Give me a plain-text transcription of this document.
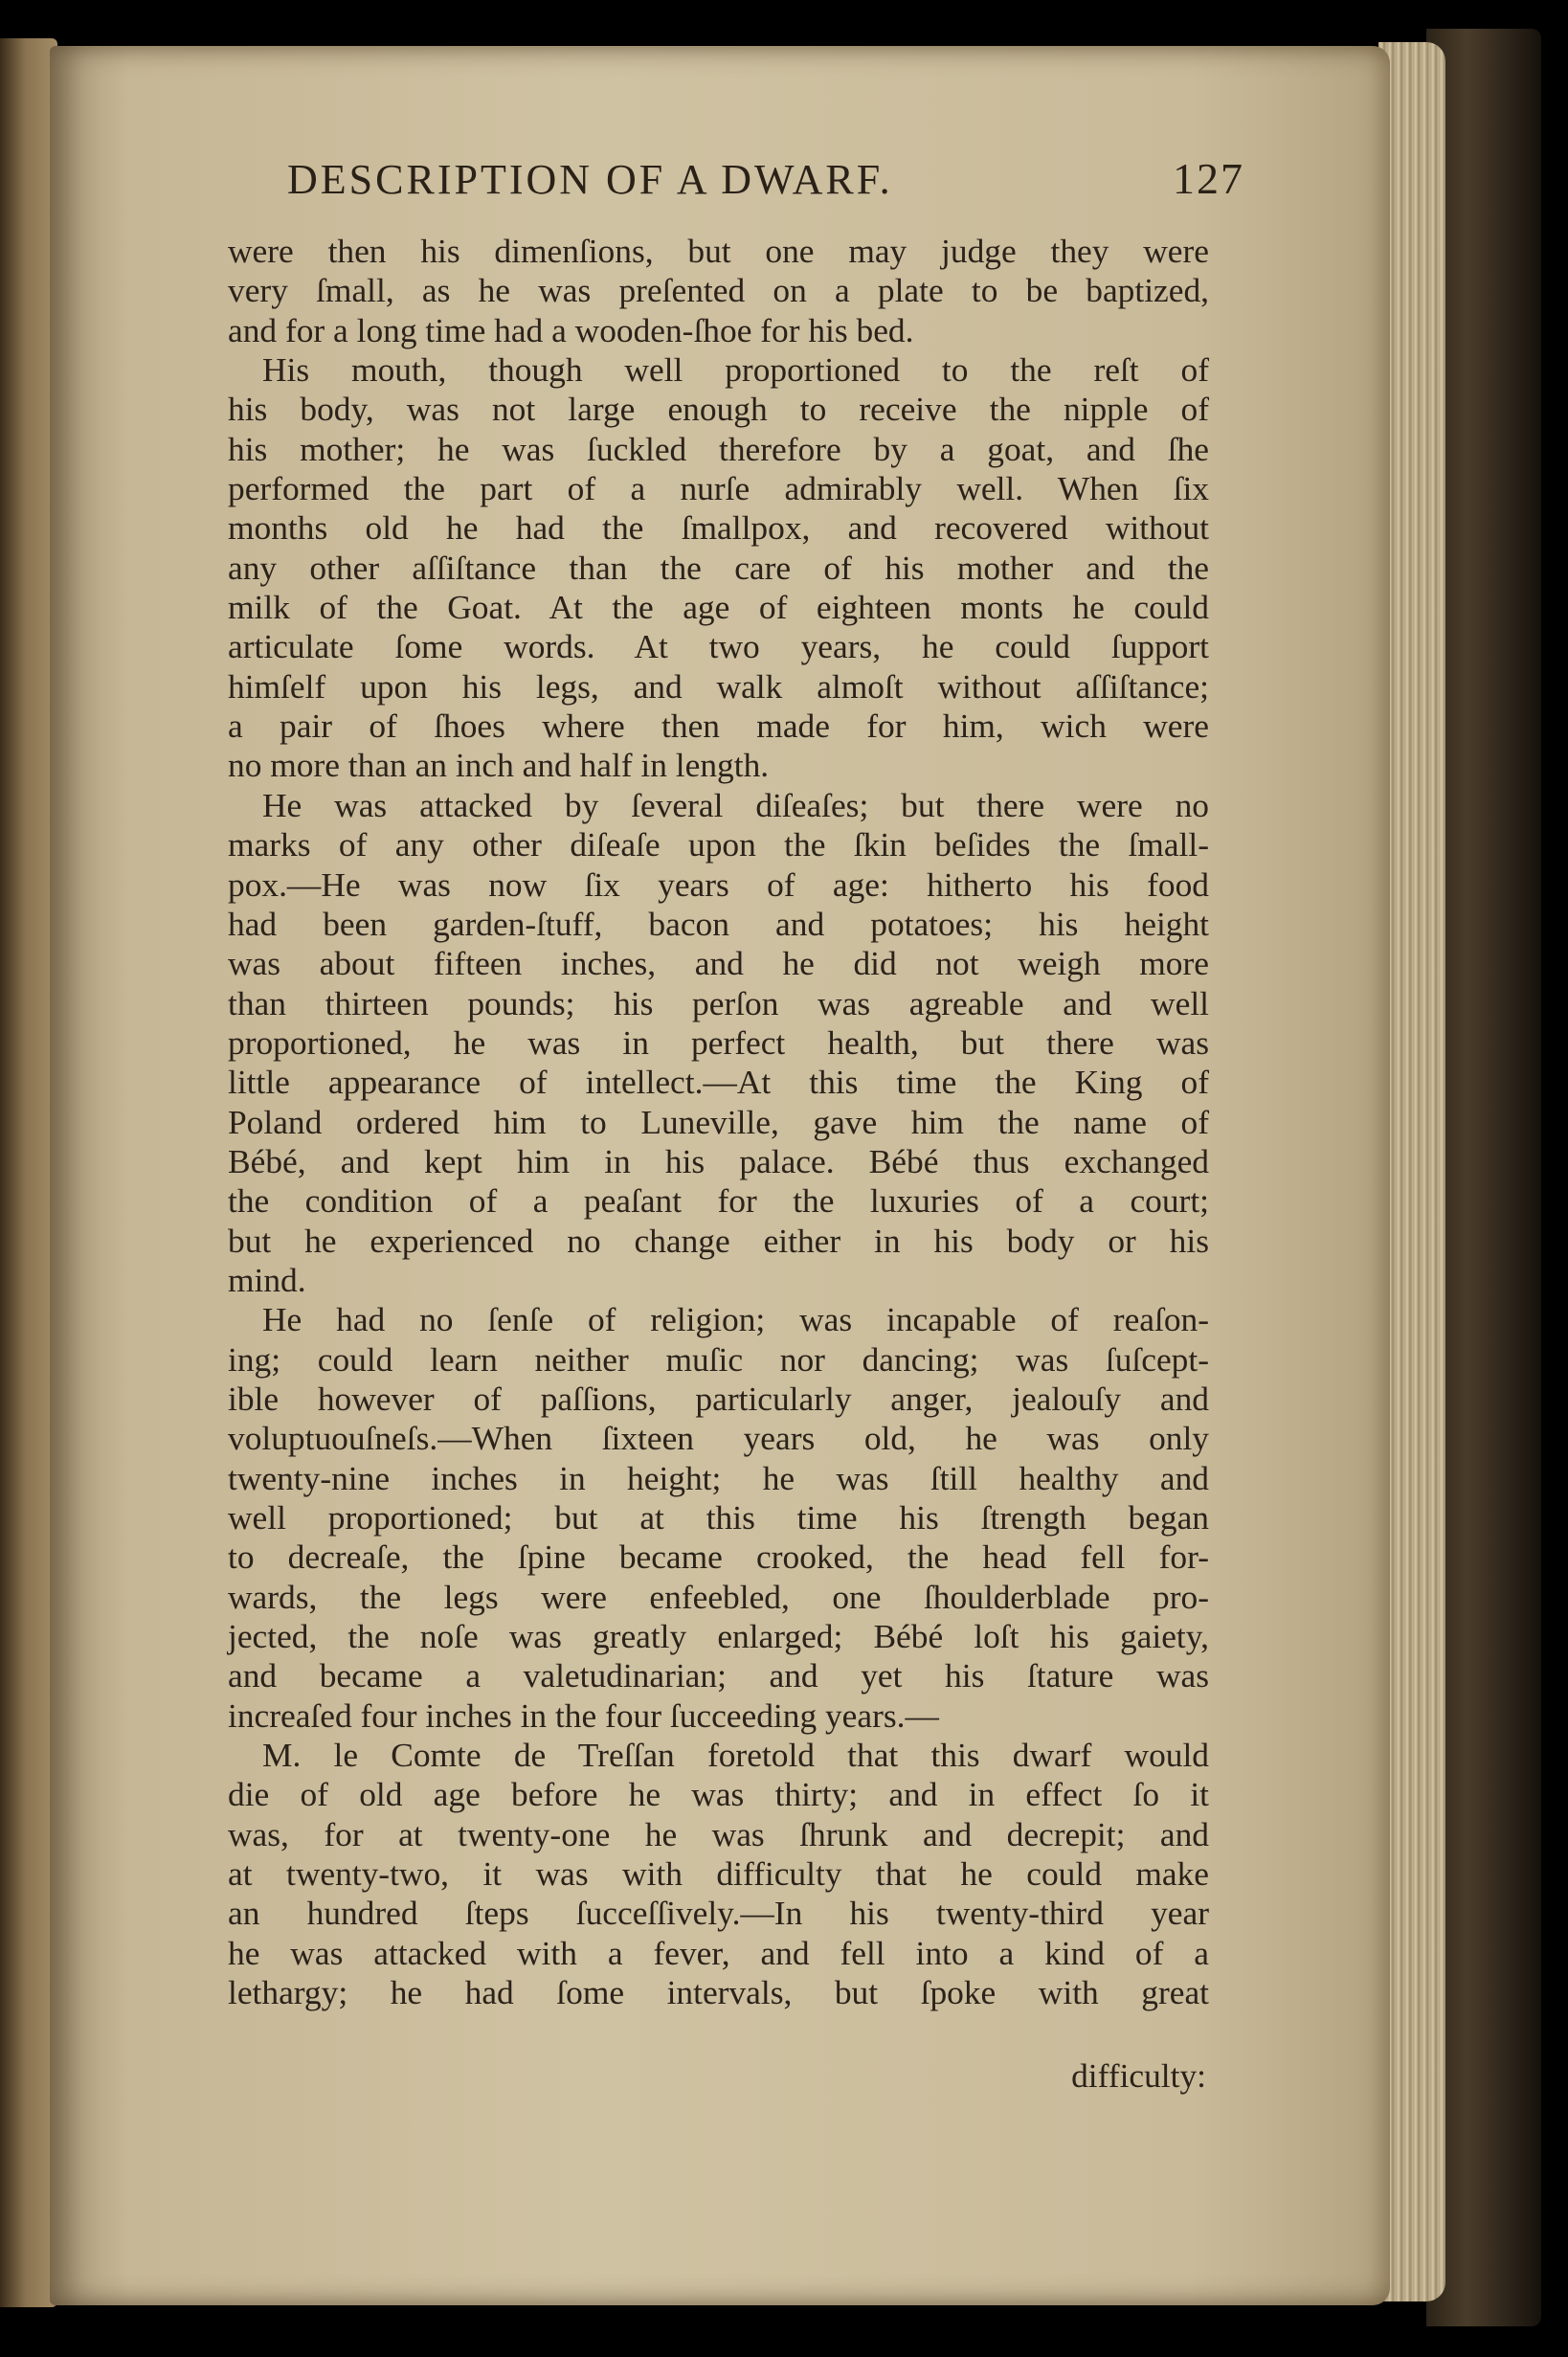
DESCRIPTION OF A DWARF.	127
were then his dimenſions, but one may judge they were
very ſmall, as he was preſented on a plate to be baptized,
and for a long time had a wooden-ſhoe for his bed.
His mouth, though well proportioned to the reſt of
his body, was not large enough to receive the nipple of
his mother; he was ſuckled therefore by a goat, and ſhe
performed the part of a nurſe admirably well. When ſix
months old he had the ſmallpox, and recovered without
any other aſſiſtance than the care of his mother and the
milk of the Goat. At the age of eighteen monts he could
articulate ſome words. At two years, he could ſupport
himſelf upon his legs, and walk almoſt without aſſiſtance;
a pair of ſhoes where then made for him, wich were
no more than an inch and half in length.
He was attacked by ſeveral diſeaſes; but there were no
marks of any other diſeaſe upon the ſkin beſides the ſmall-
pox.—He was now ſix years of age: hitherto his food
had been garden-ſtuff, bacon and potatoes; his height
was about fifteen inches, and he did not weigh more
than thirteen pounds; his perſon was agreable and well
proportioned, he was in perfect health, but there was
little appearance of intellect.—At this time the King of
Poland ordered him to Luneville, gave him the name of
Bébé, and kept him in his palace. Bébé thus exchanged
the condition of a peaſant for the luxuries of a court;
but he experienced no change either in his body or his
mind.
He had no ſenſe of religion; was incapable of reaſon-
ing; could learn neither muſic nor dancing; was ſuſcept-
ible however of paſſions, particularly anger, jealouſy and
voluptuouſneſs.—When ſixteen years old, he was only
twenty-nine inches in height; he was ſtill healthy and
well proportioned; but at this time his ſtrength began
to decreaſe, the ſpine became crooked, the head fell for-
wards, the legs were enfeebled, one ſhoulderblade pro-
jected, the noſe was greatly enlarged; Bébé loſt his gaiety,
and became a valetudinarian; and yet his ſtature was
increaſed four inches in the four ſucceeding years.—
M. le Comte de Treſſan foretold that this dwarf would
die of old age before he was thirty; and in effect ſo it
was, for at twenty-one he was ſhrunk and decrepit; and
at twenty-two, it was with difficulty that he could make
an hundred ſteps ſucceſſively.—In his twenty-third year
he was attacked with a fever, and fell into a kind of a
lethargy; he had ſome intervals, but ſpoke with great
difficulty:
